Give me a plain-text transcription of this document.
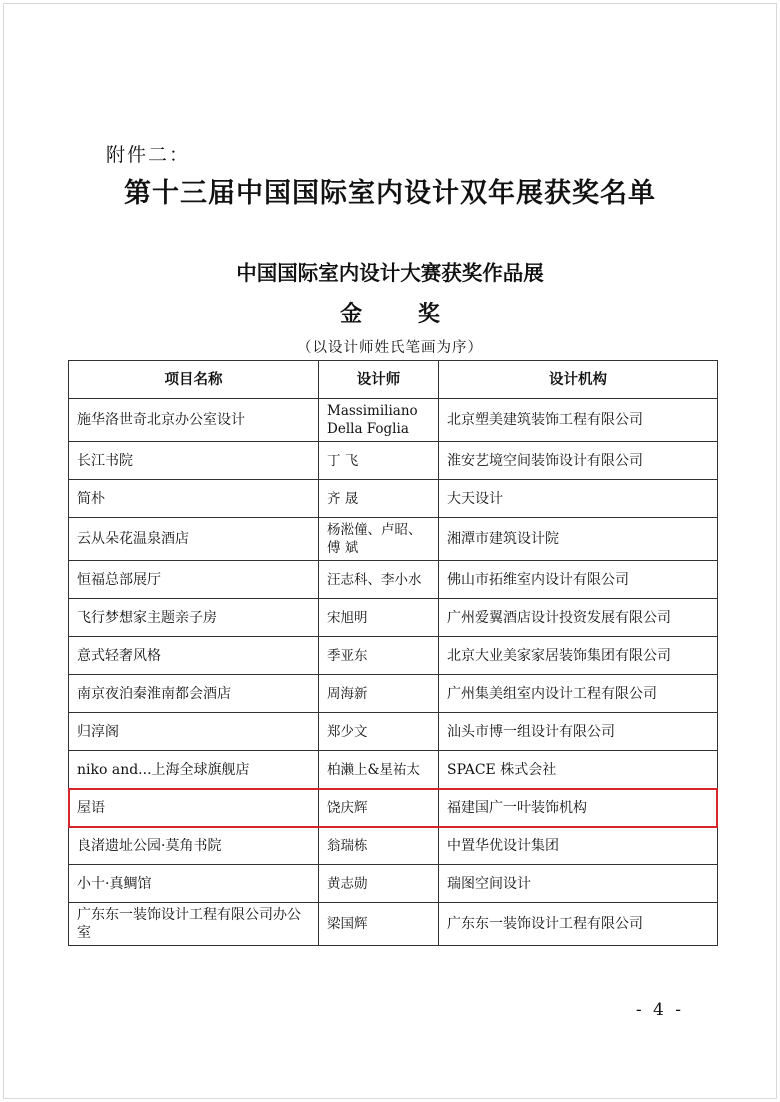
附件二：
第十三届中国国际室内设计双年展获奖名单
中国国际室内设计大赛获奖作品展
金 奖
（以设计师姓氏笔画为序）
项目名称	设计师	设计机构
施华洛世奇北京办公室设计	Massimiliano Della Foglia	北京塑美建筑装饰工程有限公司
长江书院	丁 飞	淮安艺境空间装饰设计有限公司
简朴	齐 晟	大天设计
云从朵花温泉酒店	杨淞僮、卢昭、傅 斌	湘潭市建筑设计院
恒福总部展厅	汪志科、李小水	佛山市拓维室内设计有限公司
飞行梦想家主题亲子房	宋旭明	广州爱翼酒店设计投资发展有限公司
意式轻奢风格	季亚东	北京大业美家家居装饰集团有限公司
南京夜泊秦淮南都会酒店	周海新	广州集美组室内设计工程有限公司
归淳阁	郑少文	汕头市博一组设计有限公司
niko and...上海全球旗舰店	柏濑上&星祐太	SPACE 株式会社
屋语	饶庆辉	福建国广一叶装饰机构
良渚遗址公园·莫角书院	翁瑞栋	中置华优设计集团
小十·真鲷馆	黄志勋	瑞图空间设计
广东东一装饰设计工程有限公司办公室	梁国辉	广东东一装饰设计工程有限公司
- 4 -
